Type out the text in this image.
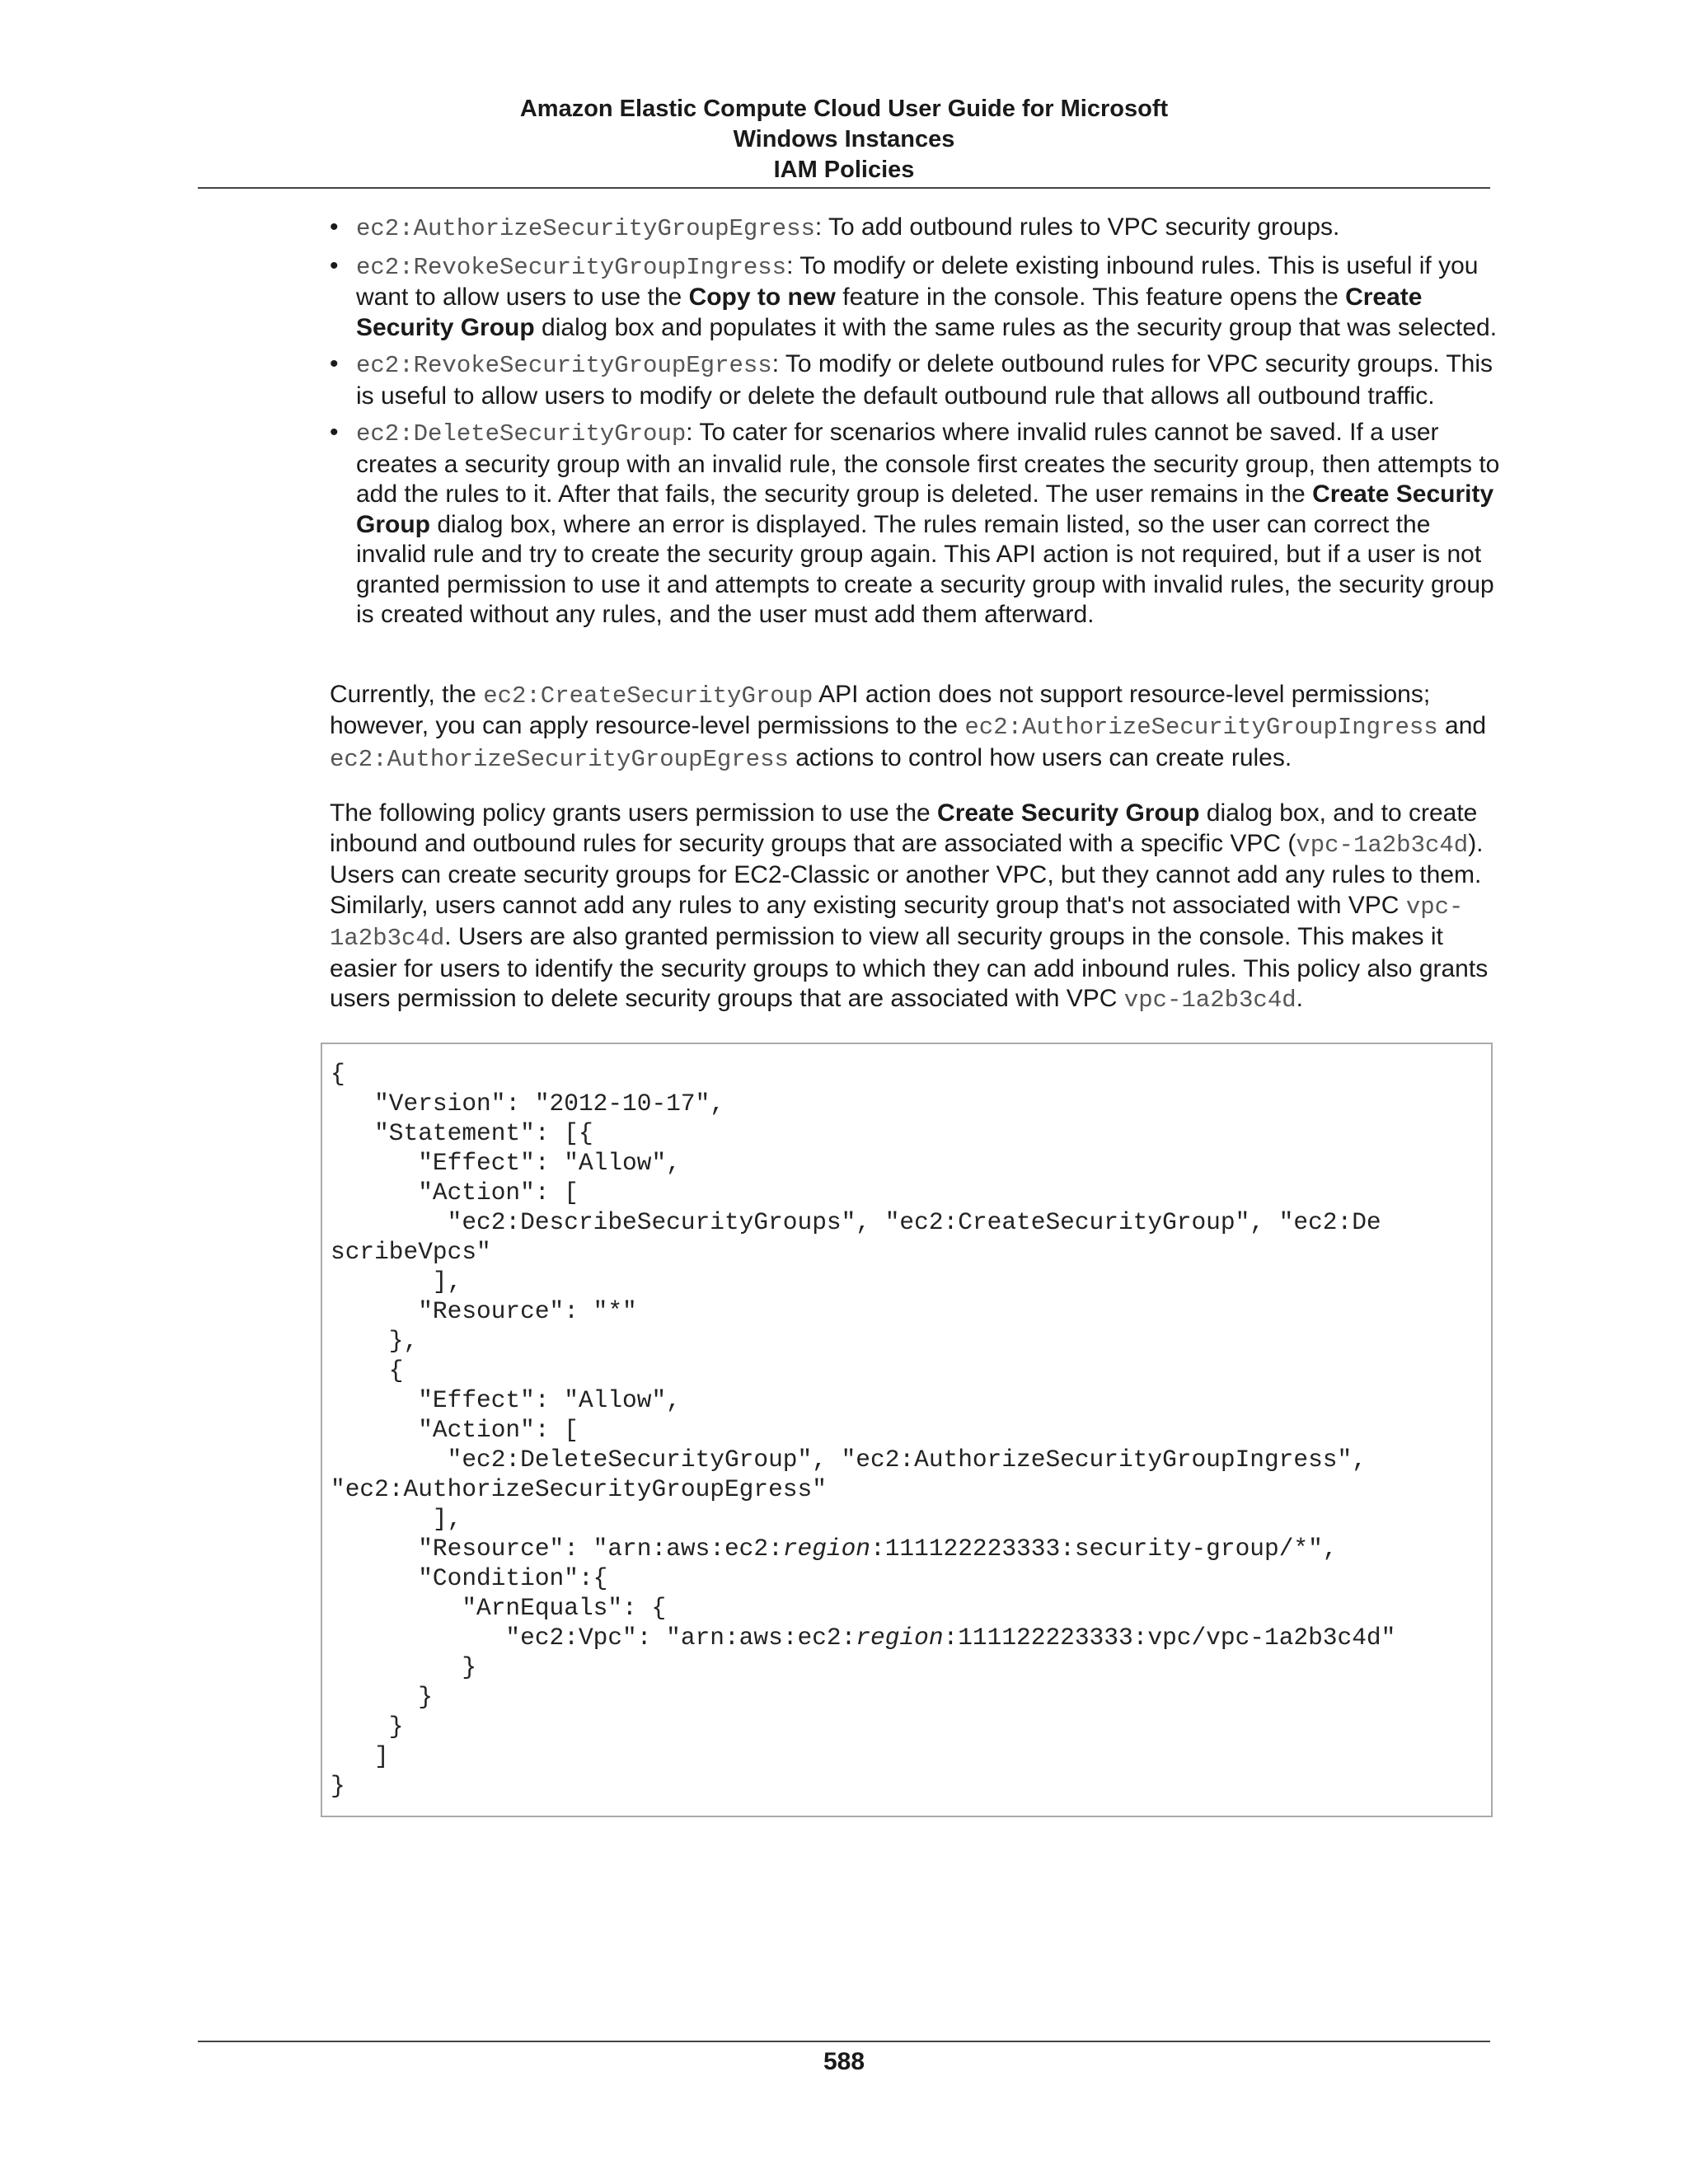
Amazon Elastic Compute Cloud User Guide for Microsoft
Windows Instances
IAM Policies
• ec2:AuthorizeSecurityGroupEgress: To add outbound rules to VPC security groups.
• ec2:RevokeSecurityGroupIngress: To modify or delete existing inbound rules. This is useful if you want to allow users to use the Copy to new feature in the console. This feature opens the Create Security Group dialog box and populates it with the same rules as the security group that was selected.
• ec2:RevokeSecurityGroupEgress: To modify or delete outbound rules for VPC security groups. This is useful to allow users to modify or delete the default outbound rule that allows all outbound traffic.
• ec2:DeleteSecurityGroup: To cater for scenarios where invalid rules cannot be saved. If a user creates a security group with an invalid rule, the console first creates the security group, then attempts to add the rules to it. After that fails, the security group is deleted. The user remains in the Create Security Group dialog box, where an error is displayed. The rules remain listed, so the user can correct the invalid rule and try to create the security group again. This API action is not required, but if a user is not granted permission to use it and attempts to create a security group with invalid rules, the security group is created without any rules, and the user must add them afterward.

Currently, the ec2:CreateSecurityGroup API action does not support resource-level permissions; however, you can apply resource-level permissions to the ec2:AuthorizeSecurityGroupIngress and ec2:AuthorizeSecurityGroupEgress actions to control how users can create rules.

The following policy grants users permission to use the Create Security Group dialog box, and to create inbound and outbound rules for security groups that are associated with a specific VPC (vpc-1a2b3c4d). Users can create security groups for EC2-Classic or another VPC, but they cannot add any rules to them. Similarly, users cannot add any rules to any existing security group that's not associated with VPC vpc-1a2b3c4d. Users are also granted permission to view all security groups in the console. This makes it easier for users to identify the security groups to which they can add inbound rules. This policy also grants users permission to delete security groups that are associated with VPC vpc-1a2b3c4d.

{
"Version": "2012-10-17",
"Statement": [{
"Effect": "Allow",
"Action": [
"ec2:DescribeSecurityGroups", "ec2:CreateSecurityGroup", "ec2:De
scribeVpcs"
],
"Resource": "*"
},
{
"Effect": "Allow",
"Action": [
"ec2:DeleteSecurityGroup", "ec2:AuthorizeSecurityGroupIngress",
"ec2:AuthorizeSecurityGroupEgress"
],
"Resource": "arn:aws:ec2:region:111122223333:security-group/*",
"Condition":{
"ArnEquals": {
"ec2:Vpc": "arn:aws:ec2:region:111122223333:vpc/vpc-1a2b3c4d"
}
}
}
]
}
588
